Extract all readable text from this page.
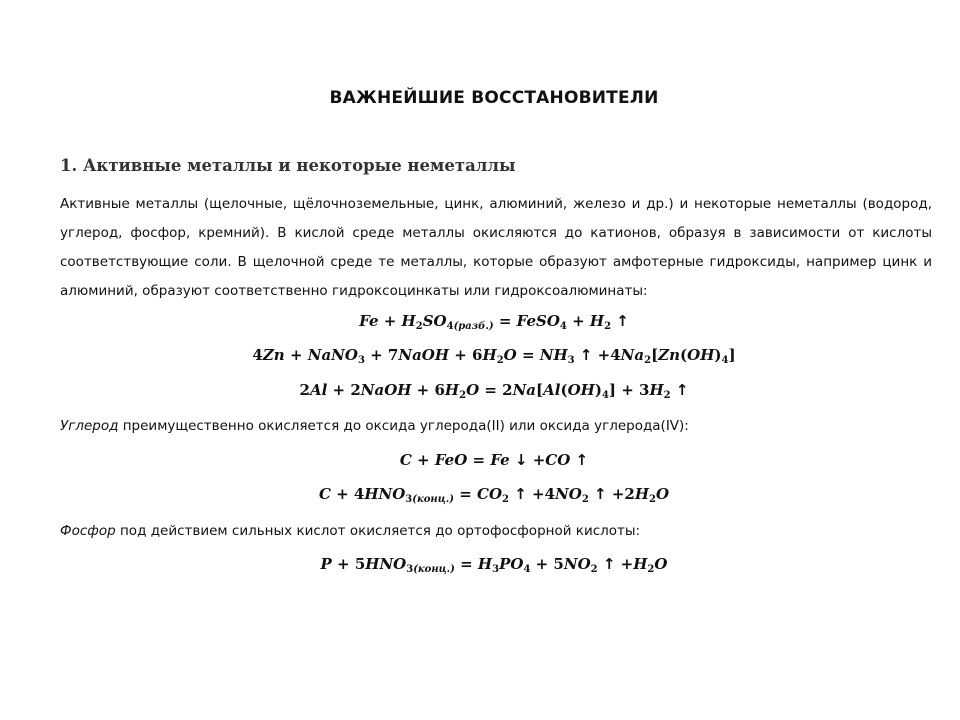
ВАЖНЕЙШИЕ ВОССТАНОВИТЕЛИ
1. Активные металлы и некоторые неметаллы
Активные металлы (щелочные, щёлочноземельные, цинк, алюминий, железо и др.) и некоторые неметаллы (водород, углерод, фосфор, кремний). В кислой среде металлы окисляются до катионов, образуя в зависимости от кислоты соответствующие соли. В щелочной среде те металлы, которые образуют амфотерные гидроксиды, например цинк и алюминий, образуют соответственно гидроксоцинкаты или гидроксоалюминаты:
$Fe + H_2SO_{4(разб.)}$ = FeSO$_4$ + $H_2$ ↑
4Zn + NaNO$_3$ + 7NaOH + $6H_2O = NH_3$ ↑ $+4Na_2[Zn(OH)_4]$
2Al + 2NaOH + $6H_2O = 2Na[Al(OH)_4] + 3H_2$ ↑
Углерод преимущественно окисляется до оксида углерода(II) или оксида углерода(IV):
C + FeO = Fe ↓ +CO ↑
$C + 4HNO_{3(конц.)} = CO_2$ ↑ $+4NO_2$ ↑ $+2H_2O$
Фосфор под действием сильных кислот окисляется до ортофосфорной кислоты:
$P + 5HNO_{3(конц.)} = H_3PO_4 + 5NO_2$ ↑ $+H_2O$
